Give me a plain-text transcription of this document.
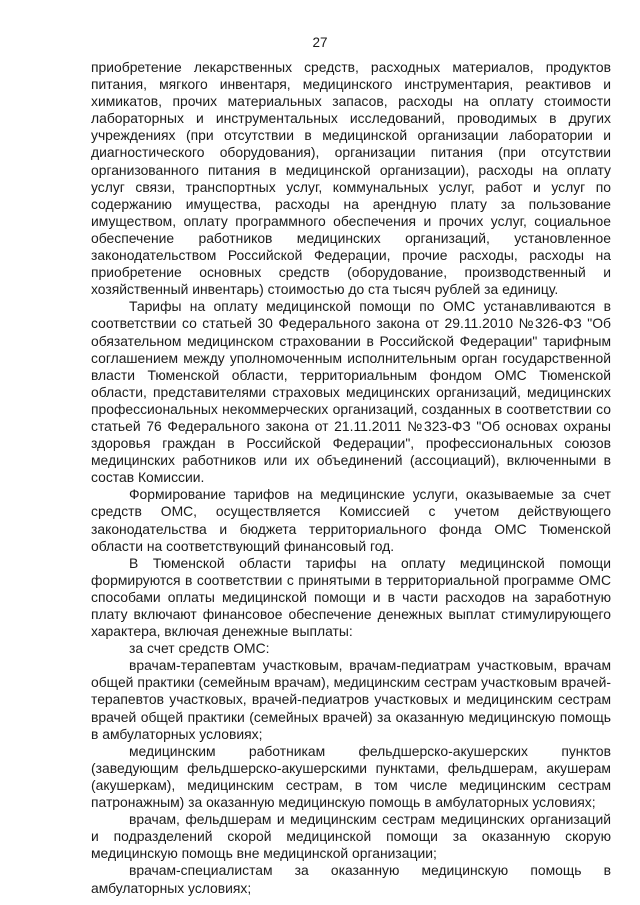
27

приобретение лекарственных средств, расходных материалов, продуктов питания, мягкого инвентаря, медицинского инструментария, реактивов и химикатов, прочих материальных запасов, расходы на оплату стоимости лабораторных и инструментальных исследований, проводимых в других учреждениях (при отсутствии в медицинской организации лаборатории и диагностического оборудования), организации питания (при отсутствии организованного питания в медицинской организации), расходы на оплату услуг связи, транспортных услуг, коммунальных услуг, работ и услуг по содержанию имущества, расходы на арендную плату за пользование имуществом, оплату программного обеспечения и прочих услуг, социальное обеспечение работников медицинских организаций, установленное законодательством Российской Федерации, прочие расходы, расходы на приобретение основных средств (оборудование, производственный и хозяйственный инвентарь) стоимостью до ста тысяч рублей за единицу.

Тарифы на оплату медицинской помощи по ОМС устанавливаются в соответствии со статьей 30 Федерального закона от 29.11.2010 №326-ФЗ "Об обязательном медицинском страховании в Российской Федерации" тарифным соглашением между уполномоченным исполнительным орган государственной власти Тюменской области, территориальным фондом ОМС Тюменской области, представителями страховых медицинских организаций, медицинских профессиональных некоммерческих организаций, созданных в соответствии со статьей 76 Федерального закона от 21.11.2011 №323-ФЗ "Об основах охраны здоровья граждан в Российской Федерации", профессиональных союзов медицинских работников или их объединений (ассоциаций), включенными в состав Комиссии.

Формирование тарифов на медицинские услуги, оказываемые за счет средств ОМС, осуществляется Комиссией с учетом действующего законодательства и бюджета территориального фонда ОМС Тюменской области на соответствующий финансовый год.

В Тюменской области тарифы на оплату медицинской помощи формируются в соответствии с принятыми в территориальной программе ОМС способами оплаты медицинской помощи и в части расходов на заработную плату включают финансовое обеспечение денежных выплат стимулирующего характера, включая денежные выплаты:

за счет средств ОМС:

врачам-терапевтам участковым, врачам-педиатрам участковым, врачам общей практики (семейным врачам), медицинским сестрам участковым врачей-терапевтов участковых, врачей-педиатров участковых и медицинским сестрам врачей общей практики (семейных врачей) за оказанную медицинскую помощь в амбулаторных условиях;

медицинским работникам фельдшерско-акушерских пунктов (заведующим фельдшерско-акушерскими пунктами, фельдшерам, акушерам (акушеркам), медицинским сестрам, в том числе медицинским сестрам патронажным) за оказанную медицинскую помощь в амбулаторных условиях;

врачам, фельдшерам и медицинским сестрам медицинских организаций и подразделений скорой медицинской помощи за оказанную скорую медицинскую помощь вне медицинской организации;

врачам-специалистам за оказанную медицинскую помощь в амбулаторных условиях;
